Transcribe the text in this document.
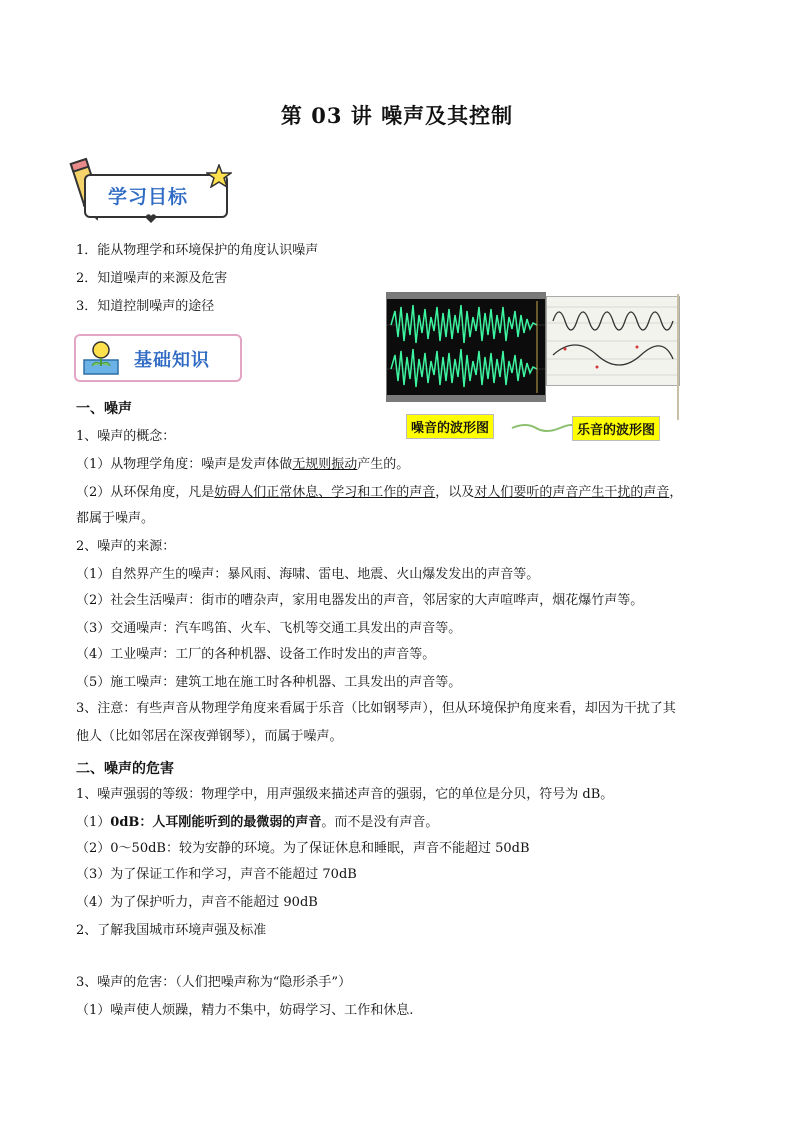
第 03 讲 噪声及其控制
学习目标
1．能从物理学和环境保护的角度认识噪声
2．知道噪声的来源及危害
3．知道控制噪声的途径
噪音的波形图	乐音的波形图
基础知识
一、噪声
1、噪声的概念：
（1）从物理学角度：噪声是发声体做无规则振动产生的。
（2）从环保角度，凡是妨碍人们正常休息、学习和工作的声音，以及对人们要听的声音产生干扰的声音，
都属于噪声。
2、噪声的来源：
（1）自然界产生的噪声：暴风雨、海啸、雷电、地震、火山爆发发出的声音等。
（2）社会生活噪声：街市的嘈杂声，家用电器发出的声音，邻居家的大声喧哗声，烟花爆竹声等。
（3）交通噪声：汽车鸣笛、火车、飞机等交通工具发出的声音等。
（4）工业噪声：工厂的各种机器、设备工作时发出的声音等。
（5）施工噪声：建筑工地在施工时各种机器、工具发出的声音等。
3、注意：有些声音从物理学角度来看属于乐音（比如钢琴声），但从环境保护角度来看，却因为干扰了其
他人（比如邻居在深夜弹钢琴），而属于噪声。
二、噪声的危害
1、噪声强弱的等级：物理学中，用声强级来描述声音的强弱，它的单位是分贝，符号为 dB。
（1）0dB：人耳刚能听到的最微弱的声音。而不是没有声音。
（2）0～50dB：较为安静的环境。为了保证休息和睡眠，声音不能超过 50dB
（3）为了保证工作和学习，声音不能超过 70dB
（4）为了保护听力，声音不能超过 90dB
2、了解我国城市环境声强及标准
3、噪声的危害：（人们把噪声称为“隐形杀手”）
（1）噪声使人烦躁，精力不集中，妨碍学习、工作和休息.
